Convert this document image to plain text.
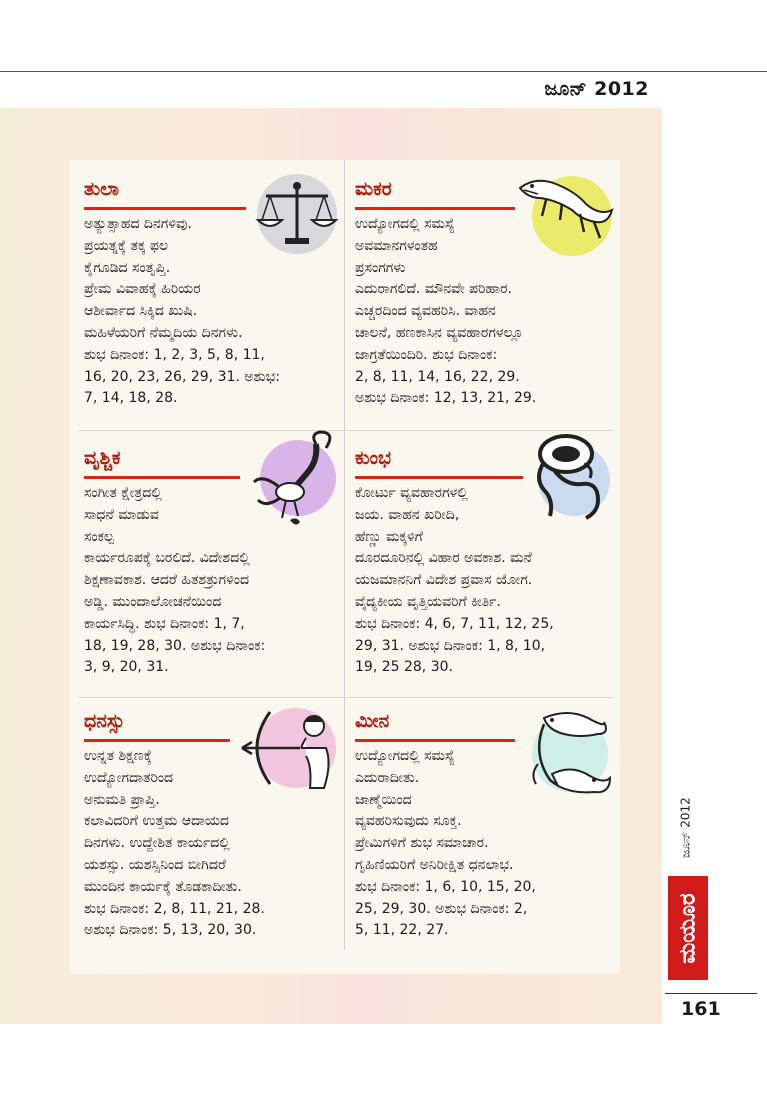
ಜೂನ್ 2012
ತುಲಾ
ಅತ್ಯುತ್ಸಾಹದ ದಿನಗಳಿವು.
ಪ್ರಯತ್ನಕ್ಕೆ ತಕ್ಕ ಫಲ
ಕೈಗೂಡಿದ ಸಂತೃಪ್ತಿ.
ಪ್ರೇಮ ವಿವಾಹಕ್ಕೆ ಹಿರಿಯರ
ಆಶೀರ್ವಾದ ಸಿಕ್ಕಿದ ಖುಷಿ.
ಮಹಿಳೆಯರಿಗೆ ನೆಮ್ಮದಿಯ ದಿನಗಳು.
ಶುಭ ದಿನಾಂಕ: 1, 2, 3, 5, 8, 11,
16, 20, 23, 26, 29, 31. ಅಶುಭ:
7, 14, 18, 28.
ಮಕರ
ಉದ್ಯೋಗದಲ್ಲಿ ಸಮಸ್ಯೆ
ಅವಮಾನಗಳಂತಹ
ಪ್ರಸಂಗಗಳು
ಎದುರಾಗಲಿದೆ. ಮೌನವೇ ಪರಿಹಾರ.
ಎಚ್ಚರದಿಂದ ವ್ಯವಹರಿಸಿ. ವಾಹನ
ಚಾಲನೆ, ಹಣಕಾಸಿನ ವ್ಯವಹಾರಗಳಲ್ಲೂ
ಜಾಗ್ರತೆಯಿಂದಿರಿ. ಶುಭ ದಿನಾಂಕ:
2, 8, 11, 14, 16, 22, 29.
ಅಶುಭ ದಿನಾಂಕ: 12, 13, 21, 29.
ವೃಶ್ಚಿಕ
ಸಂಗೀತ ಕ್ಷೇತ್ರದಲ್ಲಿ
ಸಾಧನೆ ಮಾಡುವ
ಸಂಕಲ್ಪ
ಕಾರ್ಯರೂಪಕ್ಕೆ ಬರಲಿದೆ. ವಿದೇಶದಲ್ಲಿ
ಶಿಕ್ಷಣಾವಕಾಶ. ಆದರೆ ಹಿತಶತ್ರುಗಳಿಂದ
ಅಡ್ಡಿ. ಮುಂದಾಲೋಚನೆಯಿಂದ
ಕಾರ್ಯಸಿದ್ಧಿ. ಶುಭ ದಿನಾಂಕ: 1, 7,
18, 19, 28, 30. ಅಶುಭ ದಿನಾಂಕ:
3, 9, 20, 31.
ಕುಂಭ
ಕೋರ್ಟು ವ್ಯವಹಾರಗಳಲ್ಲಿ
ಜಯ. ವಾಹನ ಖರೀದಿ,
ಹೆಣ್ಣು ಮಕ್ಕಳಿಗೆ
ದೂರದೂರಿನಲ್ಲಿ ವಿಹಾರ ಅವಕಾಶ. ಮನೆ
ಯಜಮಾನನಿಗೆ ವಿದೇಶ ಪ್ರವಾಸ ಯೋಗ.
ವೈದ್ಯಕೀಯ ವೃತ್ತಿಯವರಿಗೆ ಕೀರ್ತಿ.
ಶುಭ ದಿನಾಂಕ: 4, 6, 7, 11, 12, 25,
29, 31. ಅಶುಭ ದಿನಾಂಕ: 1, 8, 10,
19, 25 28, 30.
ಧನಸ್ಸು
ಉನ್ನತ ಶಿಕ್ಷಣಕ್ಕೆ
ಉದ್ಯೋಗದಾತರಿಂದ
ಅನುಮತಿ ಪ್ರಾಪ್ತಿ.
ಕಲಾವಿದರಿಗೆ ಉತ್ತಮ ಆದಾಯದ
ದಿನಗಳು. ಉದ್ದೇಶಿತ ಕಾರ್ಯದಲ್ಲಿ
ಯಶಸ್ಸು. ಯಶಸ್ಸಿನಿಂದ ಬೀಗಿದರೆ
ಮುಂದಿನ ಕಾರ್ಯಕ್ಕೆ ತೊಡಕಾದೀತು.
ಶುಭ ದಿನಾಂಕ: 2, 8, 11, 21, 28.
ಅಶುಭ ದಿನಾಂಕ: 5, 13, 20, 30.
ಮೀನ
ಉದ್ಯೋಗದಲ್ಲಿ ಸಮಸ್ಯೆ
ಎದುರಾದೀತು.
ಜಾಣ್ಮೆಯಿಂದ
ವ್ಯವಹರಿಸುವುದು ಸೂಕ್ತ.
ಪ್ರೇಮಿಗಳಿಗೆ ಶುಭ ಸಮಾಚಾರ.
ಗೃಹಿಣಿಯರಿಗೆ ಅನಿರೀಕ್ಷಿತ ಧನಲಾಭ.
ಶುಭ ದಿನಾಂಕ: 1, 6, 10, 15, 20,
25, 29, 30. ಅಶುಭ ದಿನಾಂಕ: 2,
5, 11, 22, 27.
ಜೂನ್ 2012
ಮಯೂರ
161
